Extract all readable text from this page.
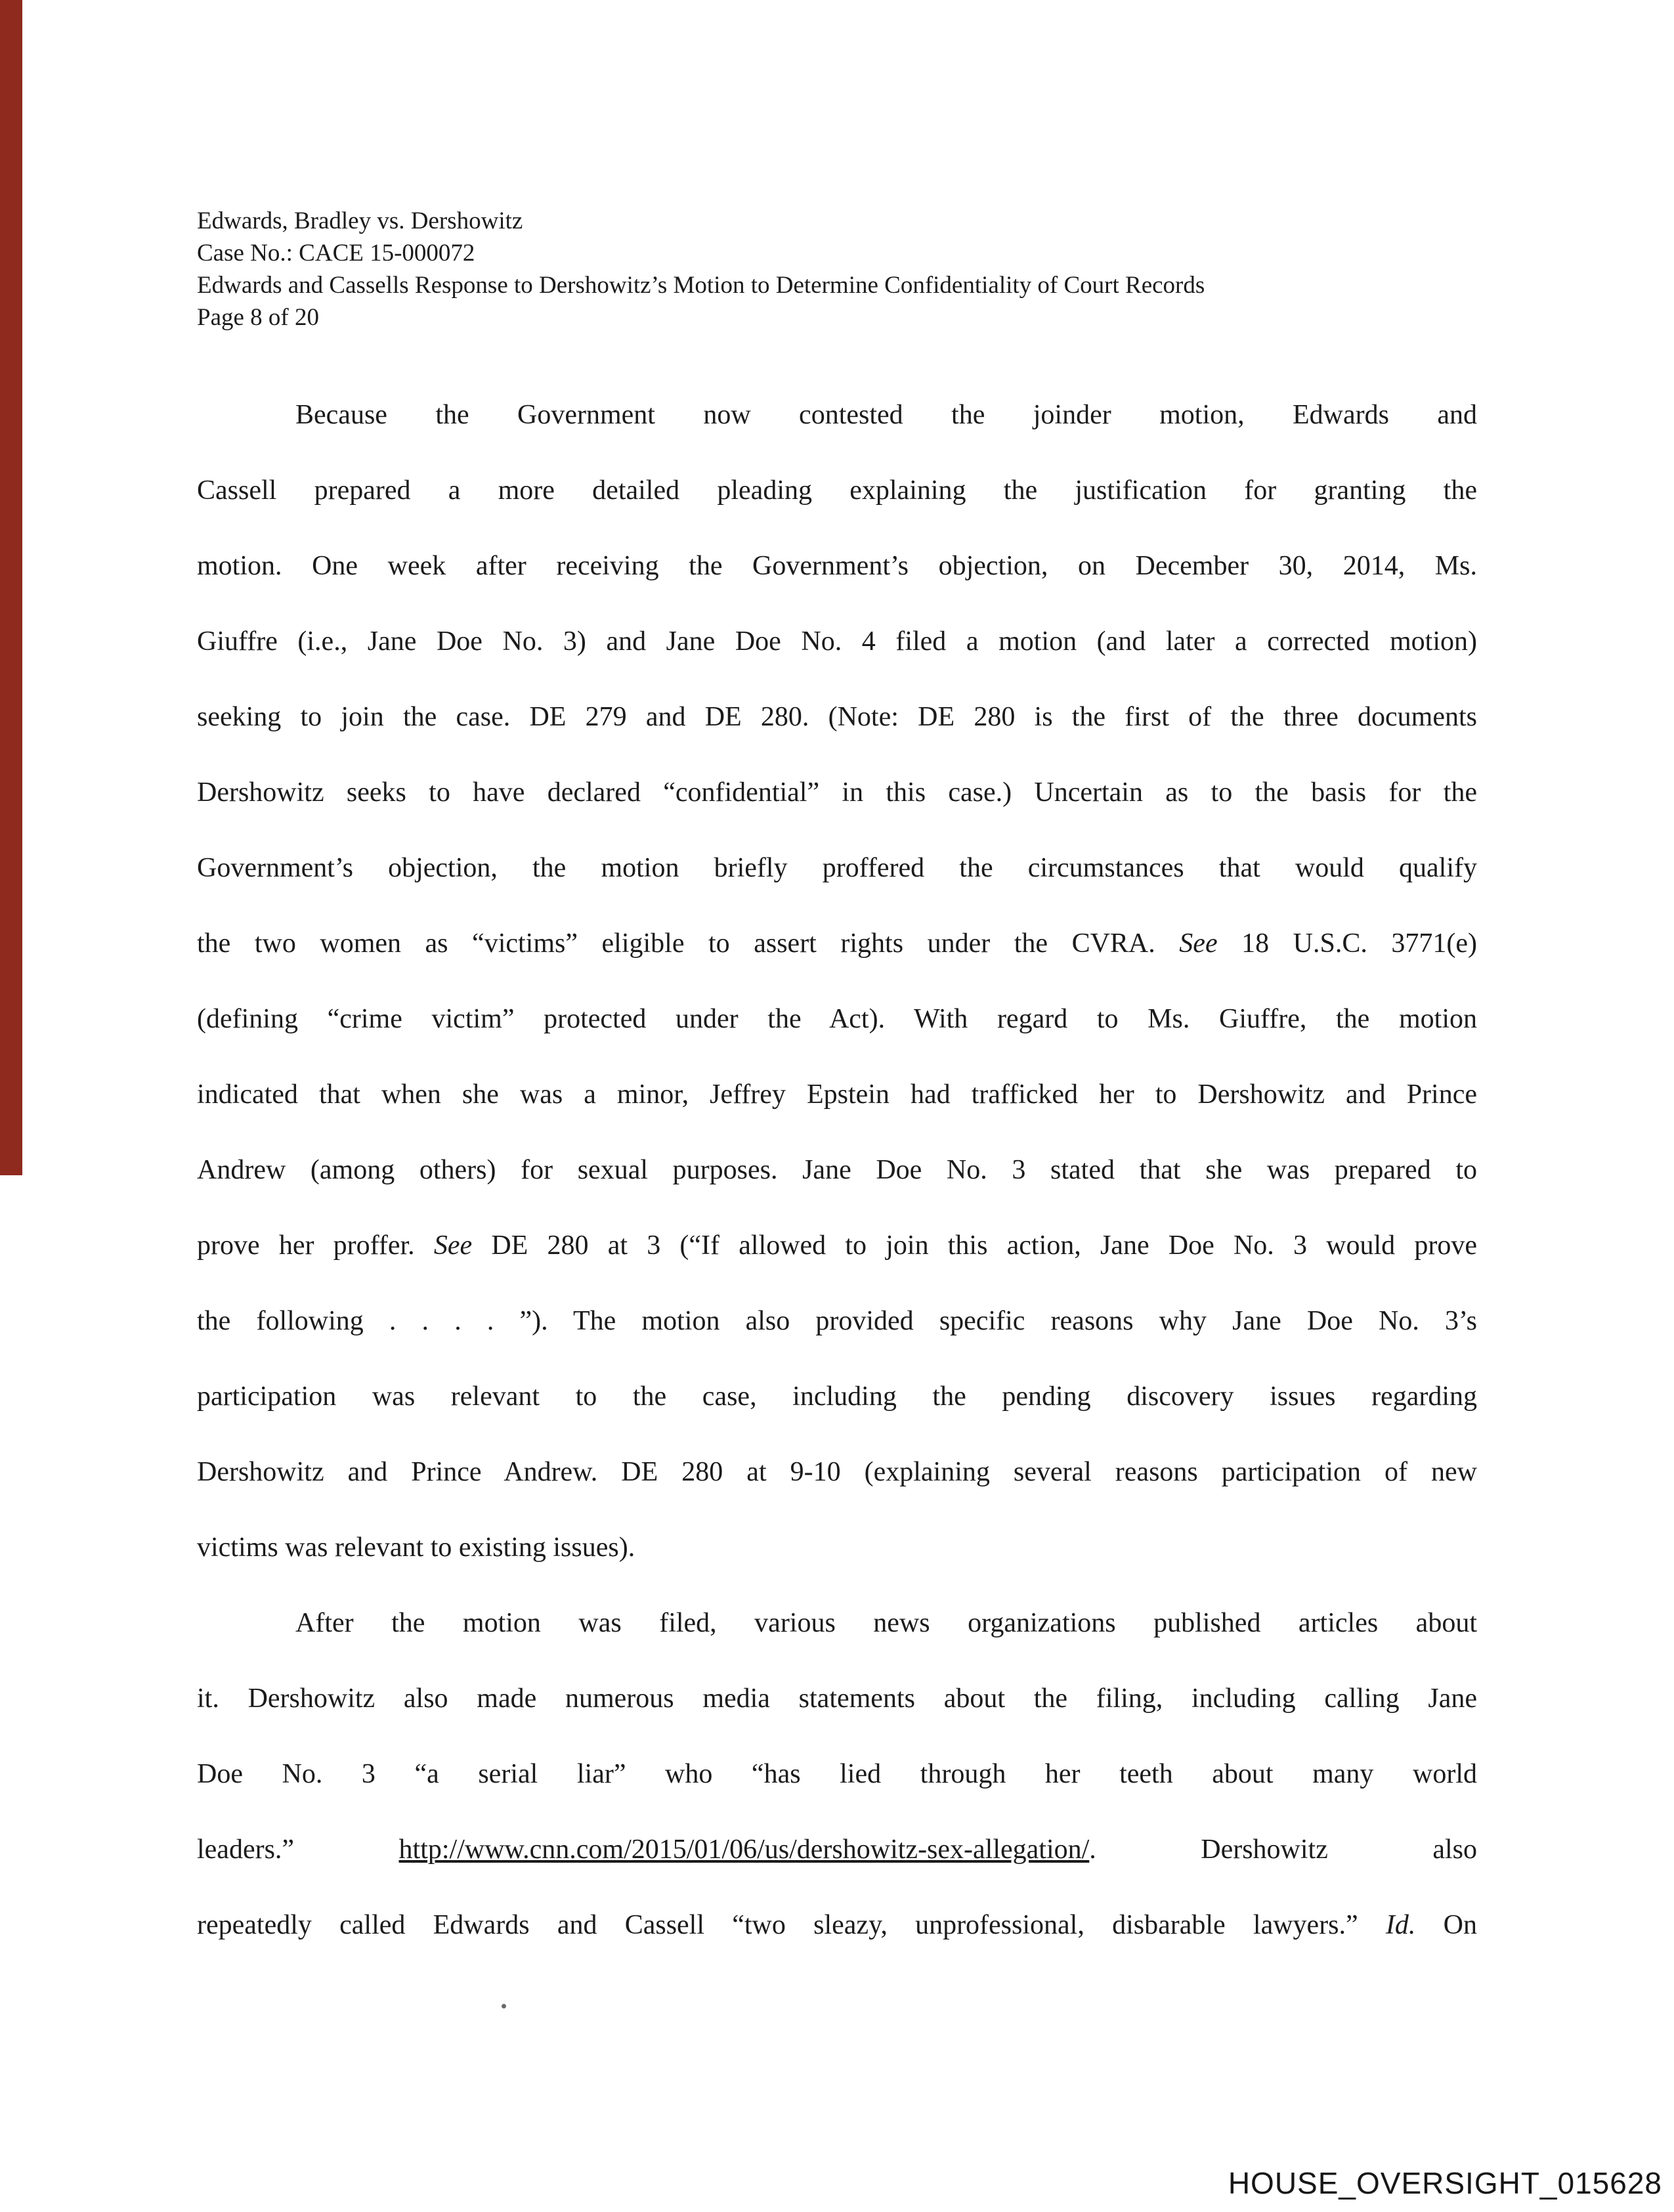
Edwards, Bradley vs. Dershowitz
Case No.: CACE 15-000072
Edwards and Cassells Response to Dershowitz’s Motion to Determine Confidentiality of Court Records
Page 8 of 20
Because the Government now contested the joinder motion, Edwards and
Cassell prepared a more detailed pleading explaining the justification for granting the
motion. One week after receiving the Government’s objection, on December 30, 2014, Ms.
Giuffre (i.e., Jane Doe No. 3) and Jane Doe No. 4 filed a motion (and later a corrected motion)
seeking to join the case. DE 279 and DE 280. (Note: DE 280 is the first of the three documents
Dershowitz seeks to have declared “confidential” in this case.) Uncertain as to the basis for the
Government’s objection, the motion briefly proffered the circumstances that would qualify
the two women as “victims” eligible to assert rights under the CVRA. See 18 U.S.C. 3771(e)
(defining “crime victim” protected under the Act). With regard to Ms. Giuffre, the motion
indicated that when she was a minor, Jeffrey Epstein had trafficked her to Dershowitz and Prince
Andrew (among others) for sexual purposes. Jane Doe No. 3 stated that she was prepared to
prove her proffer. See DE 280 at 3 (“If allowed to join this action, Jane Doe No. 3 would prove
the following . . . . ”). The motion also provided specific reasons why Jane Doe No. 3’s
participation was relevant to the case, including the pending discovery issues regarding
Dershowitz and Prince Andrew. DE 280 at 9-10 (explaining several reasons participation of new
victims was relevant to existing issues).
After the motion was filed, various news organizations published articles about
it. Dershowitz also made numerous media statements about the filing, including calling Jane
Doe No. 3 “a serial liar” who “has lied through her teeth about many world
leaders.” http://www.cnn.com/2015/01/06/us/dershowitz-sex-allegation/. Dershowitz also
repeatedly called Edwards and Cassell “two sleazy, unprofessional, disbarable lawyers.” Id. On
HOUSE_OVERSIGHT_015628
